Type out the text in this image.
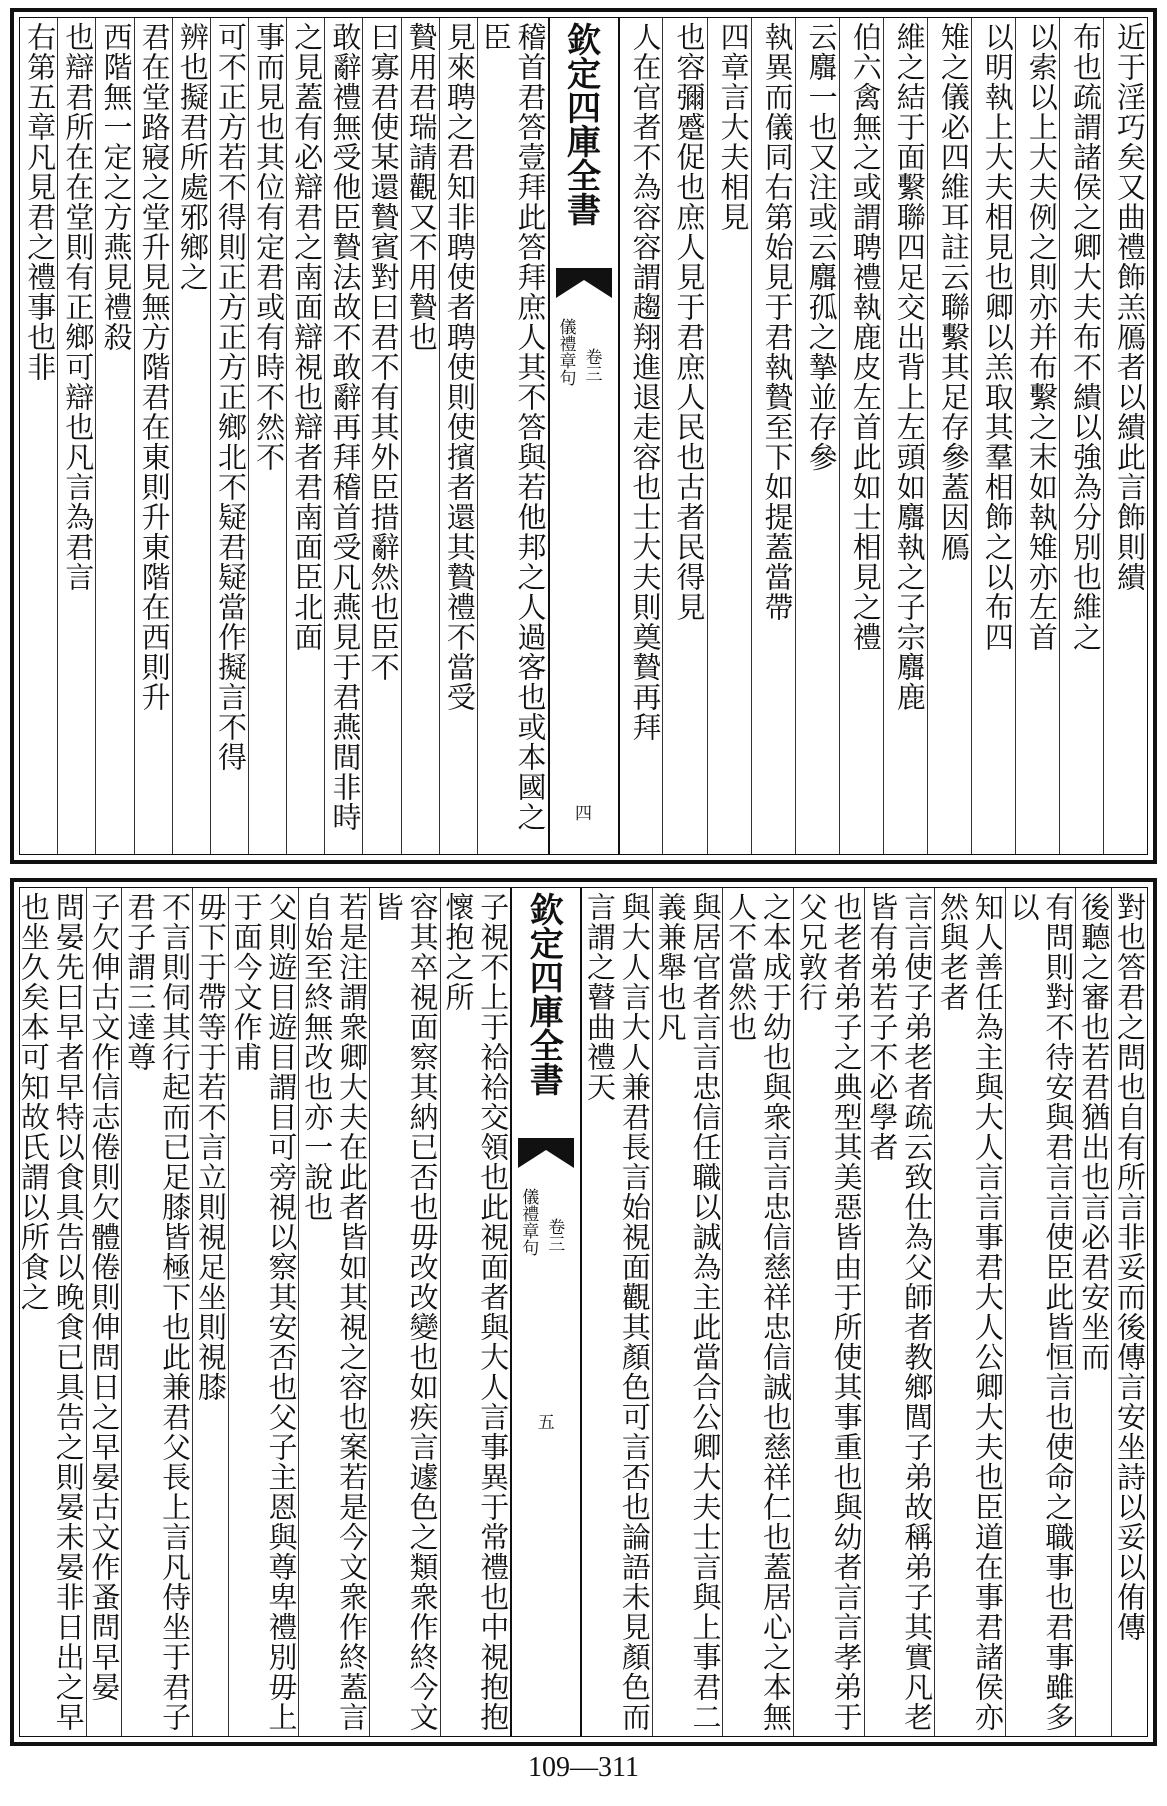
近于淫巧矣又曲禮飾羔鴈者以繢此言飾則繢
布也疏謂諸侯之卿大夫布不繢以強為分別也維之
以索以上大夫例之則亦并布繫之末如執雉亦左首
以明執上大夫相見也卿以羔取其羣相飾之以布四
雉之儀必四維耳註云聯繫其足存參蓋因鴈
維之結于面繫聯四足交出背上左頭如麛執之子宗麛鹿
伯六禽無之或謂聘禮執鹿皮左首此如士相見之禮
云麛一也又注或云麛孤之摯並存參
執異而儀同右第始見于君執贄至下如提蓋當帶
四章言大夫相見
也容彌蹙促也庶人見于君庶人民也古者民得見
人在官者不為容容謂趨翔進退走容也士大夫則奠贄再拜
欽定四庫全書
儀禮章句 卷三
四
稽首君答壹拜此答拜庶人其不答與若他邦之人過客也或本國之臣
見來聘之君知非聘使者聘使則使擯者還其贄禮不當受
贄用君瑞請觀又不用贄也
曰寡君使某還贄賓對曰君不有其外臣措辭然也臣不
敢辭禮無受他臣贄法故不敢辭再拜稽首受凡燕見于君燕間非時
之見蓋有必辯君之南面辯視也辯者君南面臣北面
事而見也其位有定君或有時不然不
可不正方若不得則正方正方正鄉北不疑君疑當作擬言不得
辨也擬君所處邪鄉之
君在堂路寢之堂升見無方階君在東則升東階在西則升
西階無一定之方燕見禮殺
也辯君所在在堂則有正鄉可辯也凡言為君言
右第五章凡見君之禮事也非
對也答君之問也自有所言非妥而後傳言安坐詩以妥以侑傳
後聽之審也若君猶出也言必君安坐而
有問則對不待安與君言言使臣此皆恒言也使命之職事也君事雖多以
知人善任為主與大人言言事君大人公卿大夫也臣道在事君諸侯亦然與老者
言言使子弟老者疏云致仕為父師者教鄉閭子弟故稱弟子其實凡老皆有弟若子不必學者
也老者弟子之典型其美惡皆由于所使其事重也與幼者言言孝弟于父兄敦行
之本成于幼也與衆言言忠信慈祥忠信誠也慈祥仁也蓋居心之本無人不當然也
與居官者言言忠信任職以誠為主此當合公卿大夫士言與上事君二義兼舉也凡
與大人言大人兼君長言始視面觀其顏色可言否也論語未見顏色而言謂之瞽曲禮天
欽定四庫全書
儀禮章句 卷三
五
子視不上于袷袷交領也此視面者與大人言事異于常禮也中視抱抱懷抱之所
容其卒視面察其納已否也毋改改變也如疾言遽色之類衆作終今文皆
若是注謂衆卿大夫在此者皆如其視之容也案若是今文衆作終蓋言自始至終無改也亦一說也
父則遊目遊目謂目可旁視以察其安否也父子主恩與尊卑禮別毋上于面今文作甫
毋下于帶等于若不言立則視足坐則視膝
不言則伺其行起而已足膝皆極下也此兼君父長上言凡侍坐于君子君子謂三達尊
子欠伸古文作信志倦則欠體倦則伸問日之早晏古文作蚤問早晏
問晏先曰早者早特以食具告以晚食已具告之則晏未晏非日出之早也坐久矣本可知故氏謂以所食之
109—311
